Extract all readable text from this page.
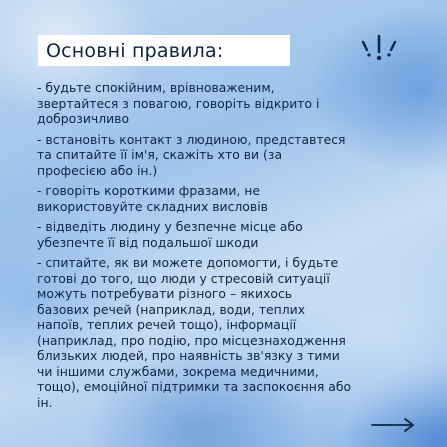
Основні правила:
- будьте спокійним, врівноваженим,
звертайтеся з повагою, говоріть відкрито і
доброзичливо
- встановіть контакт з людиною, представтеся
та спитайте її ім'я, скажіть хто ви (за
професією або ін.)
- говоріть короткими фразами, не
використовуйте складних висловів
- відведіть людину у безпечне місце або
убезпечте її від подальшої шкоди
- спитайте, як ви можете допомогти, і будьте
готові до того, що люди у стресовій ситуації
можуть потребувати різного – якихось
базових речей (наприклад, води, теплих
напоїв, теплих речей тощо), інформації
(наприклад, про подію, про місцезнаходження
близьких людей, про наявність зв'язку з тими
чи іншими службами, зокрема медичними,
тощо), емоційної підтримки та заспокоєння або
ін.
